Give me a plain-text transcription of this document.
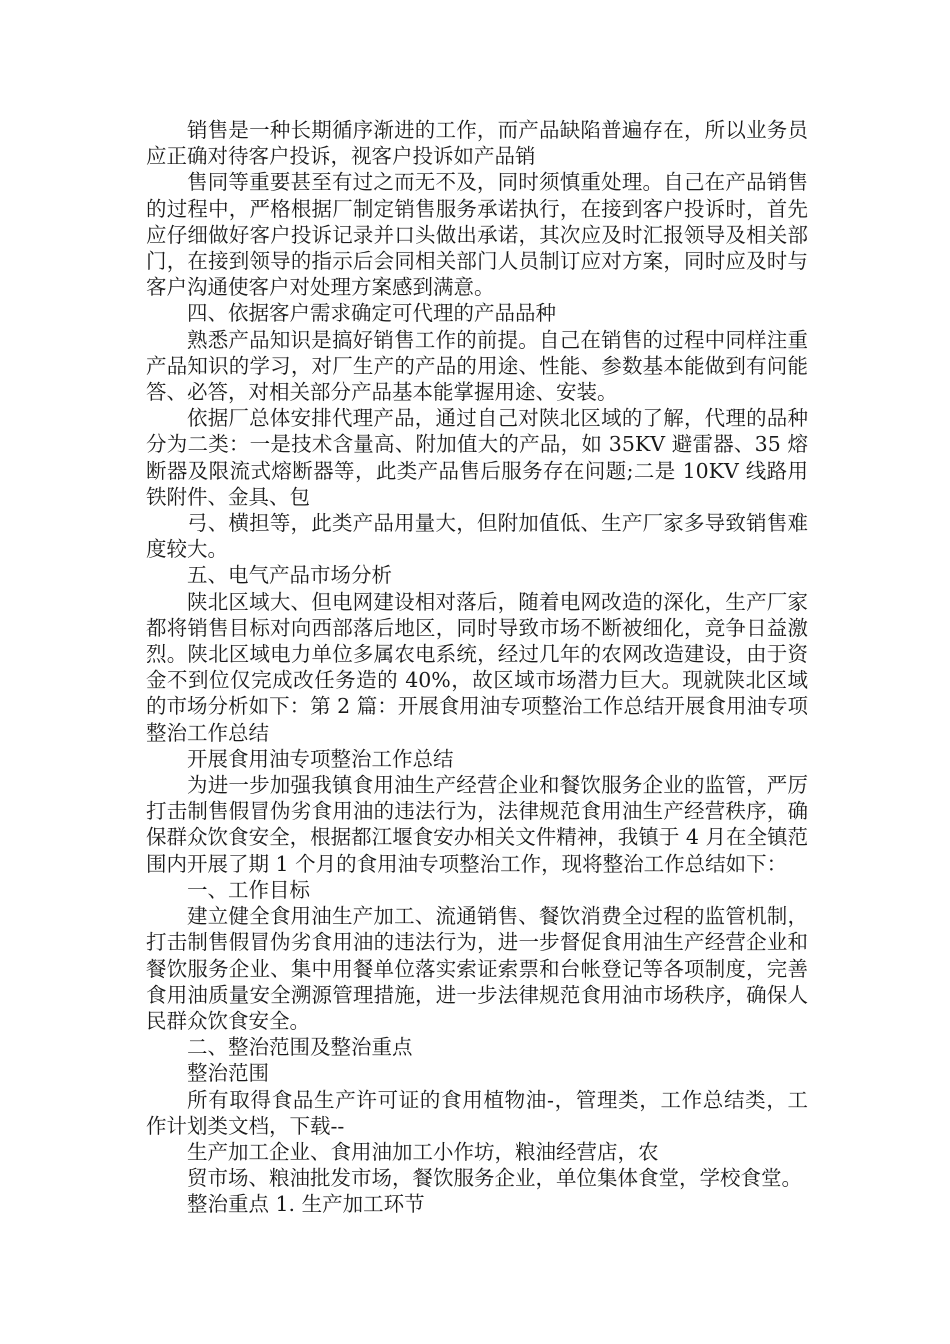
销售是一种长期循序渐进的工作，而产品缺陷普遍存在，所以业务员应正确对待客户投诉，视客户投诉如产品销

售同等重要甚至有过之而无不及，同时须慎重处理。自己在产品销售的过程中，严格根据厂制定销售服务承诺执行，在接到客户投诉时，首先应仔细做好客户投诉记录并口头做出承诺，其次应及时汇报领导及相关部门，在接到领导的指示后会同相关部门人员制订应对方案，同时应及时与客户沟通使客户对处理方案感到满意。

四、依据客户需求确定可代理的产品品种

熟悉产品知识是搞好销售工作的前提。自己在销售的过程中同样注重产品知识的学习，对厂生产的产品的用途、性能、参数基本能做到有问能答、必答，对相关部分产品基本能掌握用途、安装。

依据厂总体安排代理产品，通过自己对陕北区域的了解，代理的品种分为二类：一是技术含量高、附加值大的产品，如 35KV 避雷器、35 熔断器及限流式熔断器等，此类产品售后服务存在问题;二是 10KV 线路用铁附件、金具、包

弓、横担等，此类产品用量大，但附加值低、生产厂家多导致销售难度较大。

五、电气产品市场分析

陕北区域大、但电网建设相对落后，随着电网改造的深化，生产厂家都将销售目标对向西部落后地区，同时导致市场不断被细化，竞争日益激烈。陕北区域电力单位多属农电系统，经过几年的农网改造建设，由于资金不到位仅完成改任务造的 40%，故区域市场潜力巨大。现就陕北区域的市场分析如下：第 2 篇：开展食用油专项整治工作总结开展食用油专项整治工作总结

开展食用油专项整治工作总结

为进一步加强我镇食用油生产经营企业和餐饮服务企业的监管，严厉打击制售假冒伪劣食用油的违法行为，法律规范食用油生产经营秩序，确保群众饮食安全，根据都江堰食安办相关文件精神，我镇于 4 月在全镇范围内开展了期 1 个月的食用油专项整治工作，现将整治工作总结如下：

一、工作目标

建立健全食用油生产加工、流通销售、餐饮消费全过程的监管机制，打击制售假冒伪劣食用油的违法行为，进一步督促食用油生产经营企业和餐饮服务企业、集中用餐单位落实索证索票和台帐登记等各项制度，完善食用油质量安全溯源管理措施，进一步法律规范食用油市场秩序，确保人民群众饮食安全。

二、整治范围及整治重点

整治范围

所有取得食品生产许可证的食用植物油-，管理类，工作总结类，工作计划类文档，下载--

生产加工企业、食用油加工小作坊，粮油经营店，农

贸市场、粮油批发市场，餐饮服务企业，单位集体食堂，学校食堂。

整治重点 1. 生产加工环节
